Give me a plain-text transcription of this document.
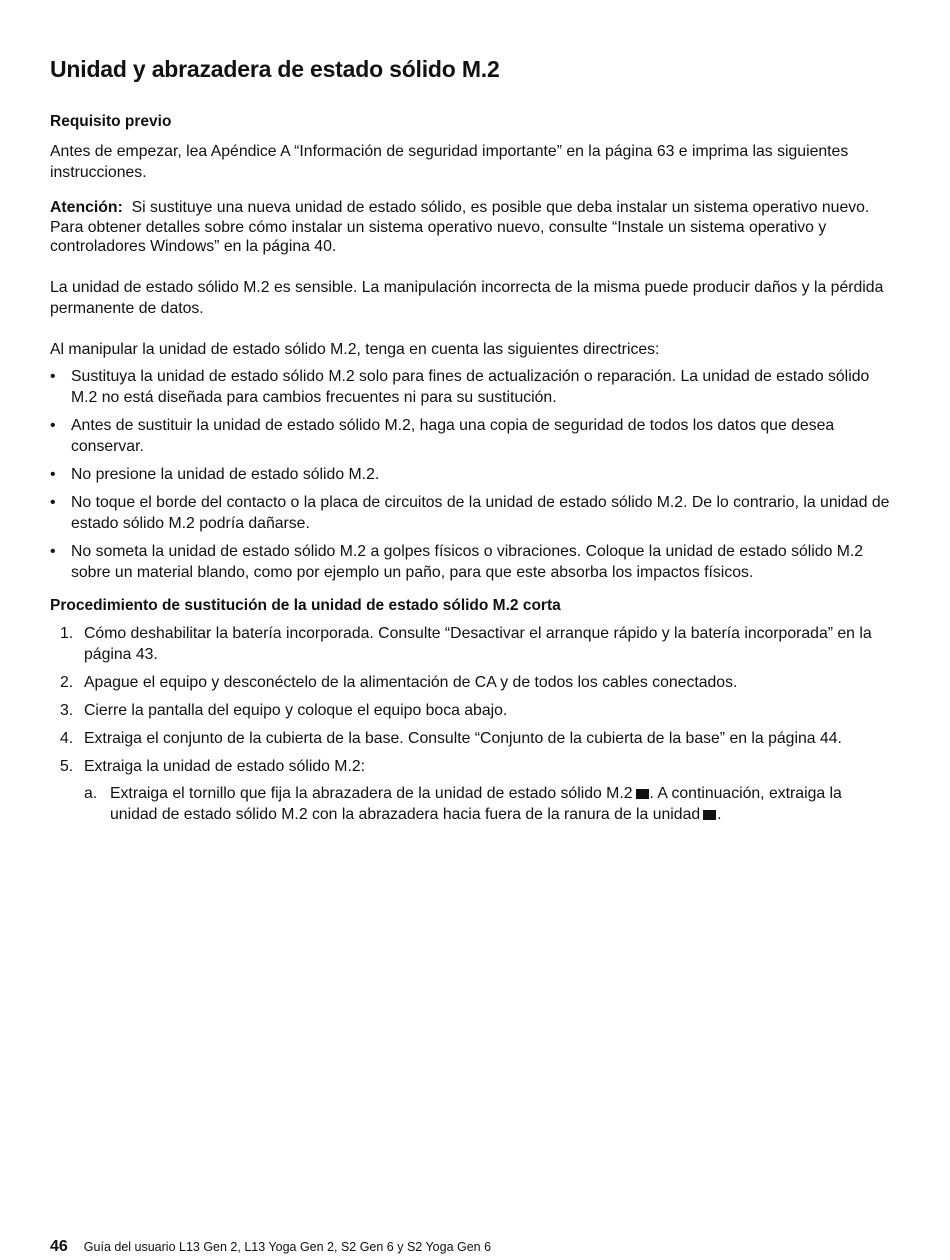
Unidad y abrazadera de estado sólido M.2
Requisito previo

Antes de empezar, lea Apéndice A “Información de seguridad importante” en la página 63 e imprima las siguientes instrucciones.

Atención: Si sustituye una nueva unidad de estado sólido, es posible que deba instalar un sistema operativo nuevo. Para obtener detalles sobre cómo instalar un sistema operativo nuevo, consulte “Instale un sistema operativo y controladores Windows” en la página 40.

La unidad de estado sólido M.2 es sensible. La manipulación incorrecta de la misma puede producir daños y la pérdida permanente de datos.

Al manipular la unidad de estado sólido M.2, tenga en cuenta las siguientes directrices:

• Sustituya la unidad de estado sólido M.2 solo para fines de actualización o reparación. La unidad de estado sólido M.2 no está diseñada para cambios frecuentes ni para su sustitución.
• Antes de sustituir la unidad de estado sólido M.2, haga una copia de seguridad de todos los datos que desea conservar.
• No presione la unidad de estado sólido M.2.
• No toque el borde del contacto o la placa de circuitos de la unidad de estado sólido M.2. De lo contrario, la unidad de estado sólido M.2 podría dañarse.
• No someta la unidad de estado sólido M.2 a golpes físicos o vibraciones. Coloque la unidad de estado sólido M.2 sobre un material blando, como por ejemplo un paño, para que este absorba los impactos físicos.
Procedimiento de sustitución de la unidad de estado sólido M.2 corta
1. Cómo deshabilitar la batería incorporada. Consulte “Desactivar el arranque rápido y la batería incorporada” en la página 43.
2. Apague el equipo y desconéctelo de la alimentación de CA y de todos los cables conectados.
3. Cierre la pantalla del equipo y coloque el equipo boca abajo.
4. Extraiga el conjunto de la cubierta de la base. Consulte “Conjunto de la cubierta de la base” en la página 44.
5. Extraiga la unidad de estado sólido M.2:
a. Extraiga el tornillo que fija la abrazadera de la unidad de estado sólido M.2 . A continuación, extraiga la unidad de estado sólido M.2 con la abrazadera hacia fuera de la ranura de la unidad .
46 Guía del usuario L13 Gen 2, L13 Yoga Gen 2, S2 Gen 6 y S2 Yoga Gen 6
